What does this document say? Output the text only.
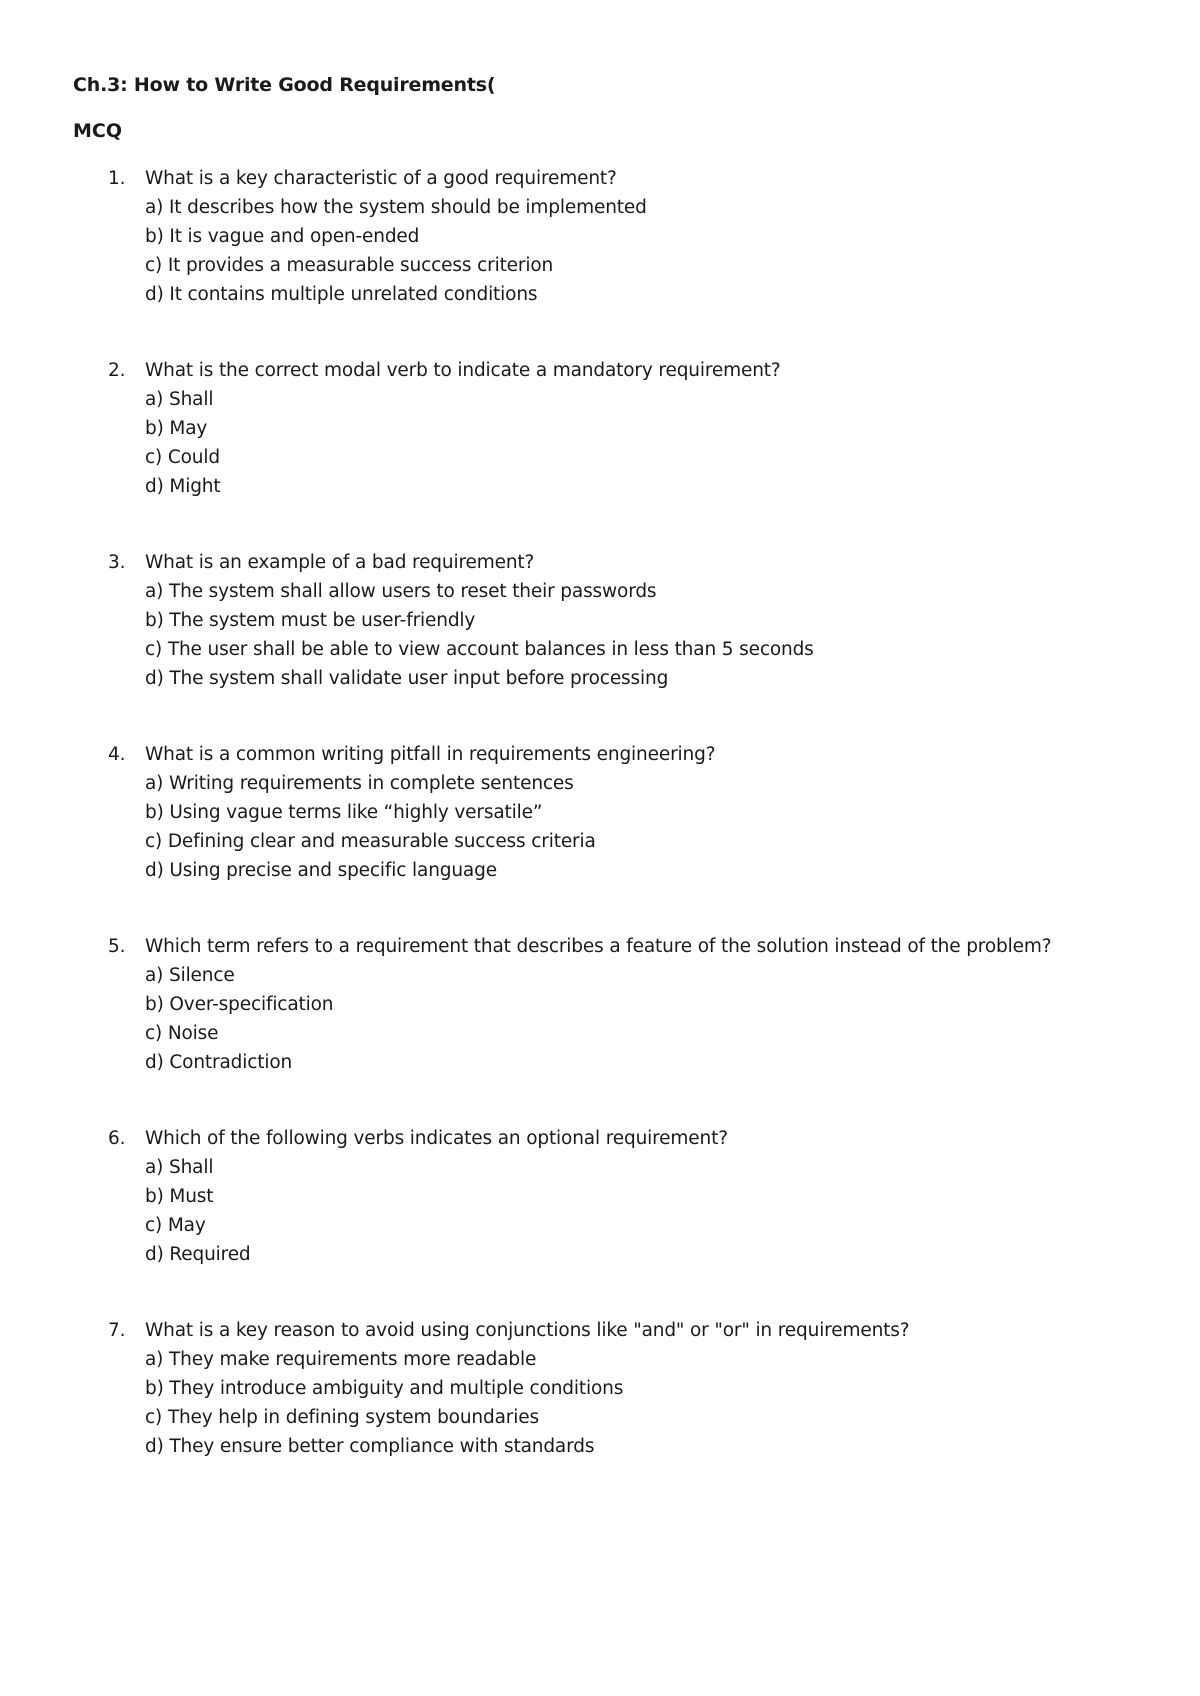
Ch.3: How to Write Good Requirements(
MCQ
1. What is a key characteristic of a good requirement?
a) It describes how the system should be implemented
b) It is vague and open-ended
c) It provides a measurable success criterion
d) It contains multiple unrelated conditions
2. What is the correct modal verb to indicate a mandatory requirement?
a) Shall
b) May
c) Could
d) Might
3. What is an example of a bad requirement?
a) The system shall allow users to reset their passwords
b) The system must be user-friendly
c) The user shall be able to view account balances in less than 5 seconds
d) The system shall validate user input before processing
4. What is a common writing pitfall in requirements engineering?
a) Writing requirements in complete sentences
b) Using vague terms like “highly versatile”
c) Defining clear and measurable success criteria
d) Using precise and specific language
5. Which term refers to a requirement that describes a feature of the solution instead of the problem?
a) Silence
b) Over-specification
c) Noise
d) Contradiction
6. Which of the following verbs indicates an optional requirement?
a) Shall
b) Must
c) May
d) Required
7. What is a key reason to avoid using conjunctions like "and" or "or" in requirements?
a) They make requirements more readable
b) They introduce ambiguity and multiple conditions
c) They help in defining system boundaries
d) They ensure better compliance with standards
